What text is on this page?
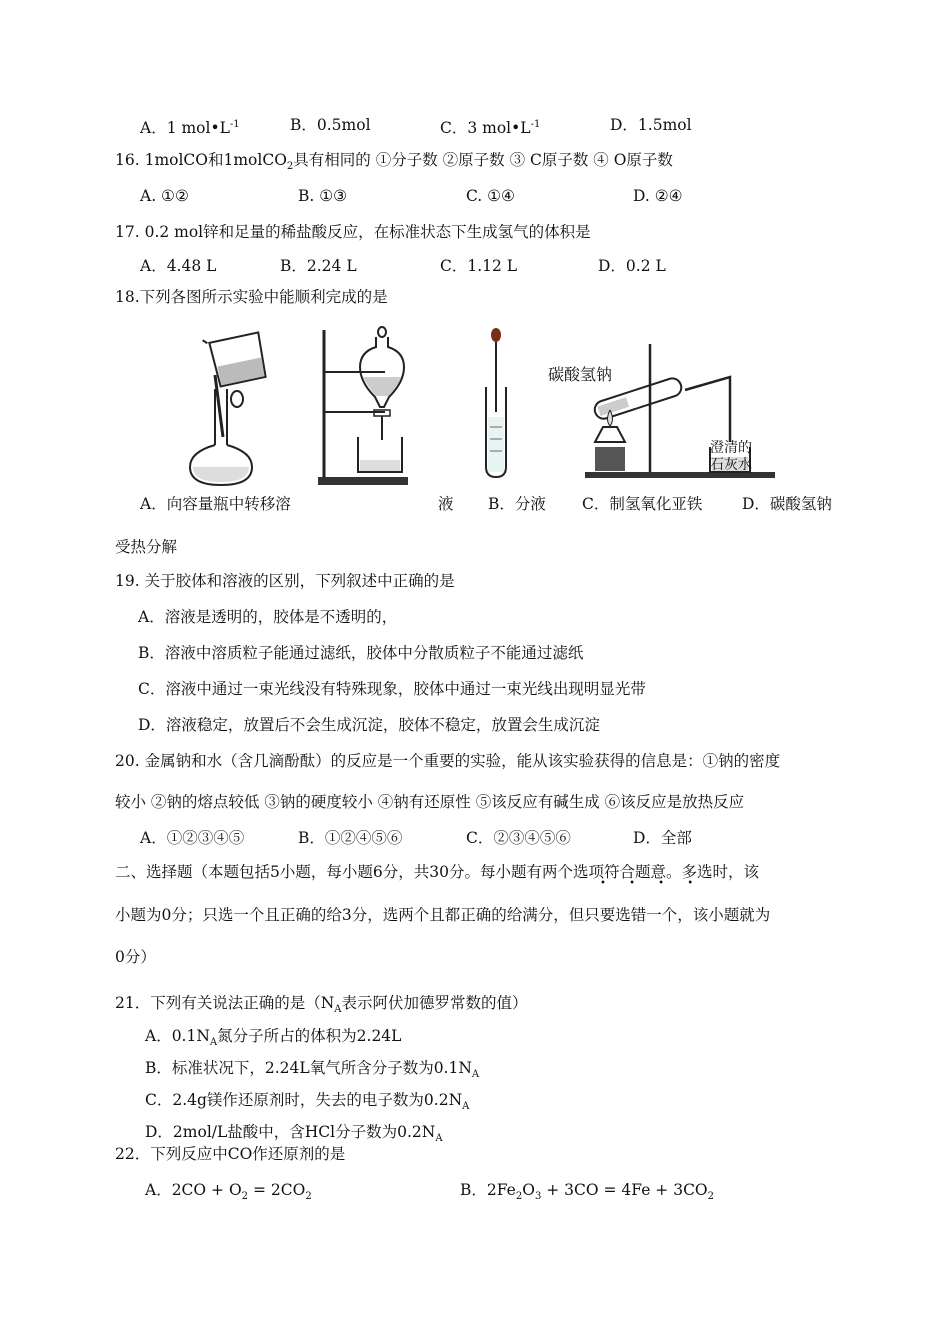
A．1 $mol•L^{-1}$	B．0.5mol	C．3 $mol•L^{-1}$	D．1.5mol
16. 1molCO和1molCO$_2$具有相同的 ①分子数 ②原子数 ③ C原子数 ④ O原子数
A. ①②	B. ①③	C. ①④	D. ②④
17. 0.2 mol锌和足量的稀盐酸反应，在标准状态下生成氢气的体积是
A．4.48 L	B．2.24 L	C．1.12 L	D．0.2 L
18.下列各图所示实验中能顺利完成的是
碳酸氢钠
澄清的
石灰水
A．向容量瓶中转移溶	液 B．分液 C．制氢氧化亚铁	D．碳酸氢钠
受热分解
19. 关于胶体和溶液的区别，下列叙述中正确的是
A．溶液是透明的，胶体是不透明的，
B．溶液中溶质粒子能通过滤纸，胶体中分散质粒子不能通过滤纸
C．溶液中通过一束光线没有特殊现象，胶体中通过一束光线出现明显光带
D．溶液稳定，放置后不会生成沉淀，胶体不稳定，放置会生成沉淀
20. 金属钠和水（含几滴酚酞）的反应是一个重要的实验，能从该实验获得的信息是：①钠的密度
较小 ②钠的熔点较低 ③钠的硬度较小 ④钠有还原性 ⑤该反应有碱生成 ⑥该反应是放热反应
A．①②③④⑤	B．①②④⑤⑥	C．②③④⑤⑥	D．全部
二、选择题（本题包括5小题，每小题6分，共30分。每小题有两个选项符合题意。多选时，该
• • • •
小题为0分；只选一个且正确的给3分，选两个且都正确的给满分，但只要选错一个，该小题就为
0分）
21．下列有关说法正确的是（$N_A$表示阿伏加德罗常数的值）
A．$0.1N_A$氮分子所占的体积为2.24L
B．标准状况下，2.24L氧气所含分子数为$0.1N_A$
C．2.4g镁作还原剂时，失去的电子数为$0.2N_A$
D．2mol/L盐酸中，含HCl分子数为$0.2N_A$
22．下列反应中CO作还原剂的是
A．$2CO + O_2 = 2CO_2$	B．$2Fe_2O_3 + 3CO = 4Fe + 3CO_2$
